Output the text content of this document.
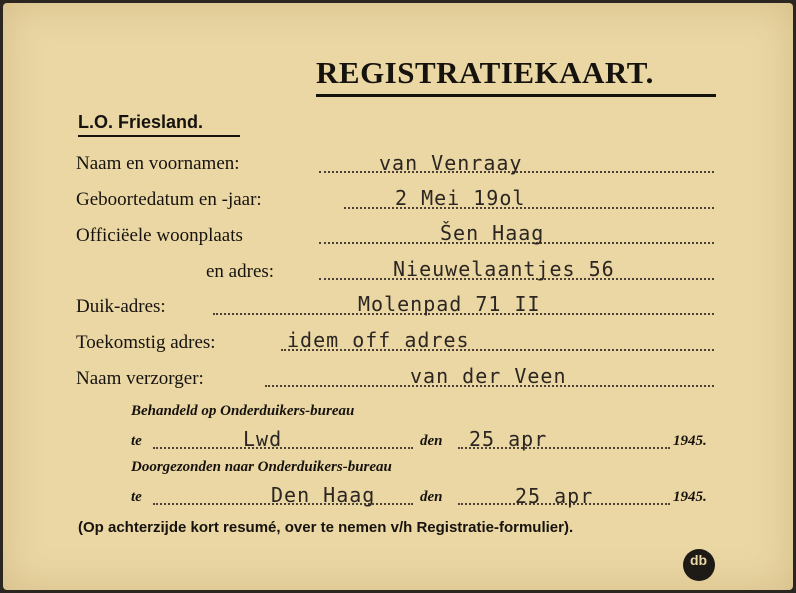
REGISTRATIEKAART.
L.O. Friesland.
Naam en voornamen:	van Venraay
Geboortedatum en -jaar:	2 Mei 19ol
Officiëele woonplaats	Šen Haag
en adres:	Nieuwelaantjes 56
Duik-adres:	Molenpad 71 II
Toekomstig adres:	idem off adres
Naam verzorger:	van der Veen
Behandeld op Onderduikers-bureau
te	Lwd	den 25 apr	1945.
Doorgezonden naar Onderduikers-bureau
te	Den Haag	den	25 apr	1945.
(Op achterzijde kort resumé, over te nemen v/h Registratie-formulier).
db
